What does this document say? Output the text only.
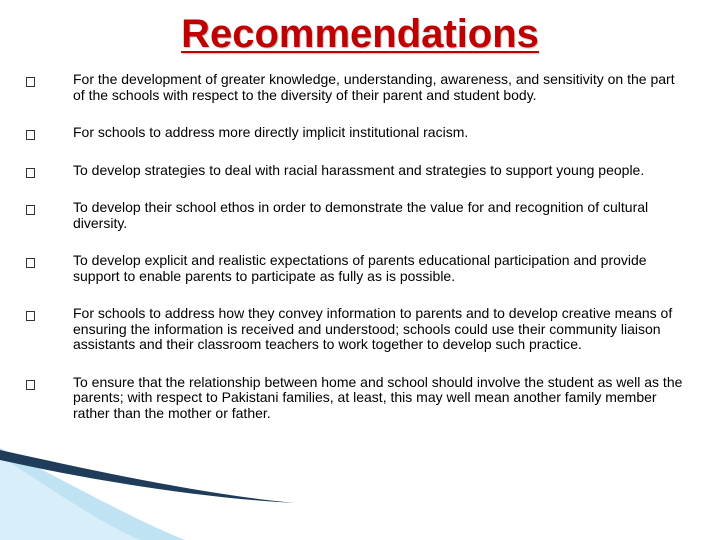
Recommendations
For the development of greater knowledge, understanding, awareness, and sensitivity on the part of the schools with respect to the diversity of their parent and student body.
For schools to address more directly implicit institutional racism.
To develop strategies to deal with racial harassment and strategies to support young people.
To develop their school ethos in order to demonstrate the value for and recognition of cultural diversity.
To develop explicit and realistic expectations of parents educational participation and provide support to enable parents to participate as fully as is possible.
For schools to address how they convey information to parents and to develop creative means of ensuring the information is received and understood; schools could use their community liaison assistants and their classroom teachers to work together to develop such practice.
To ensure that the relationship between home and school should involve the student as well as the parents; with respect to Pakistani families, at least, this may well mean another family member rather than the mother or father.
